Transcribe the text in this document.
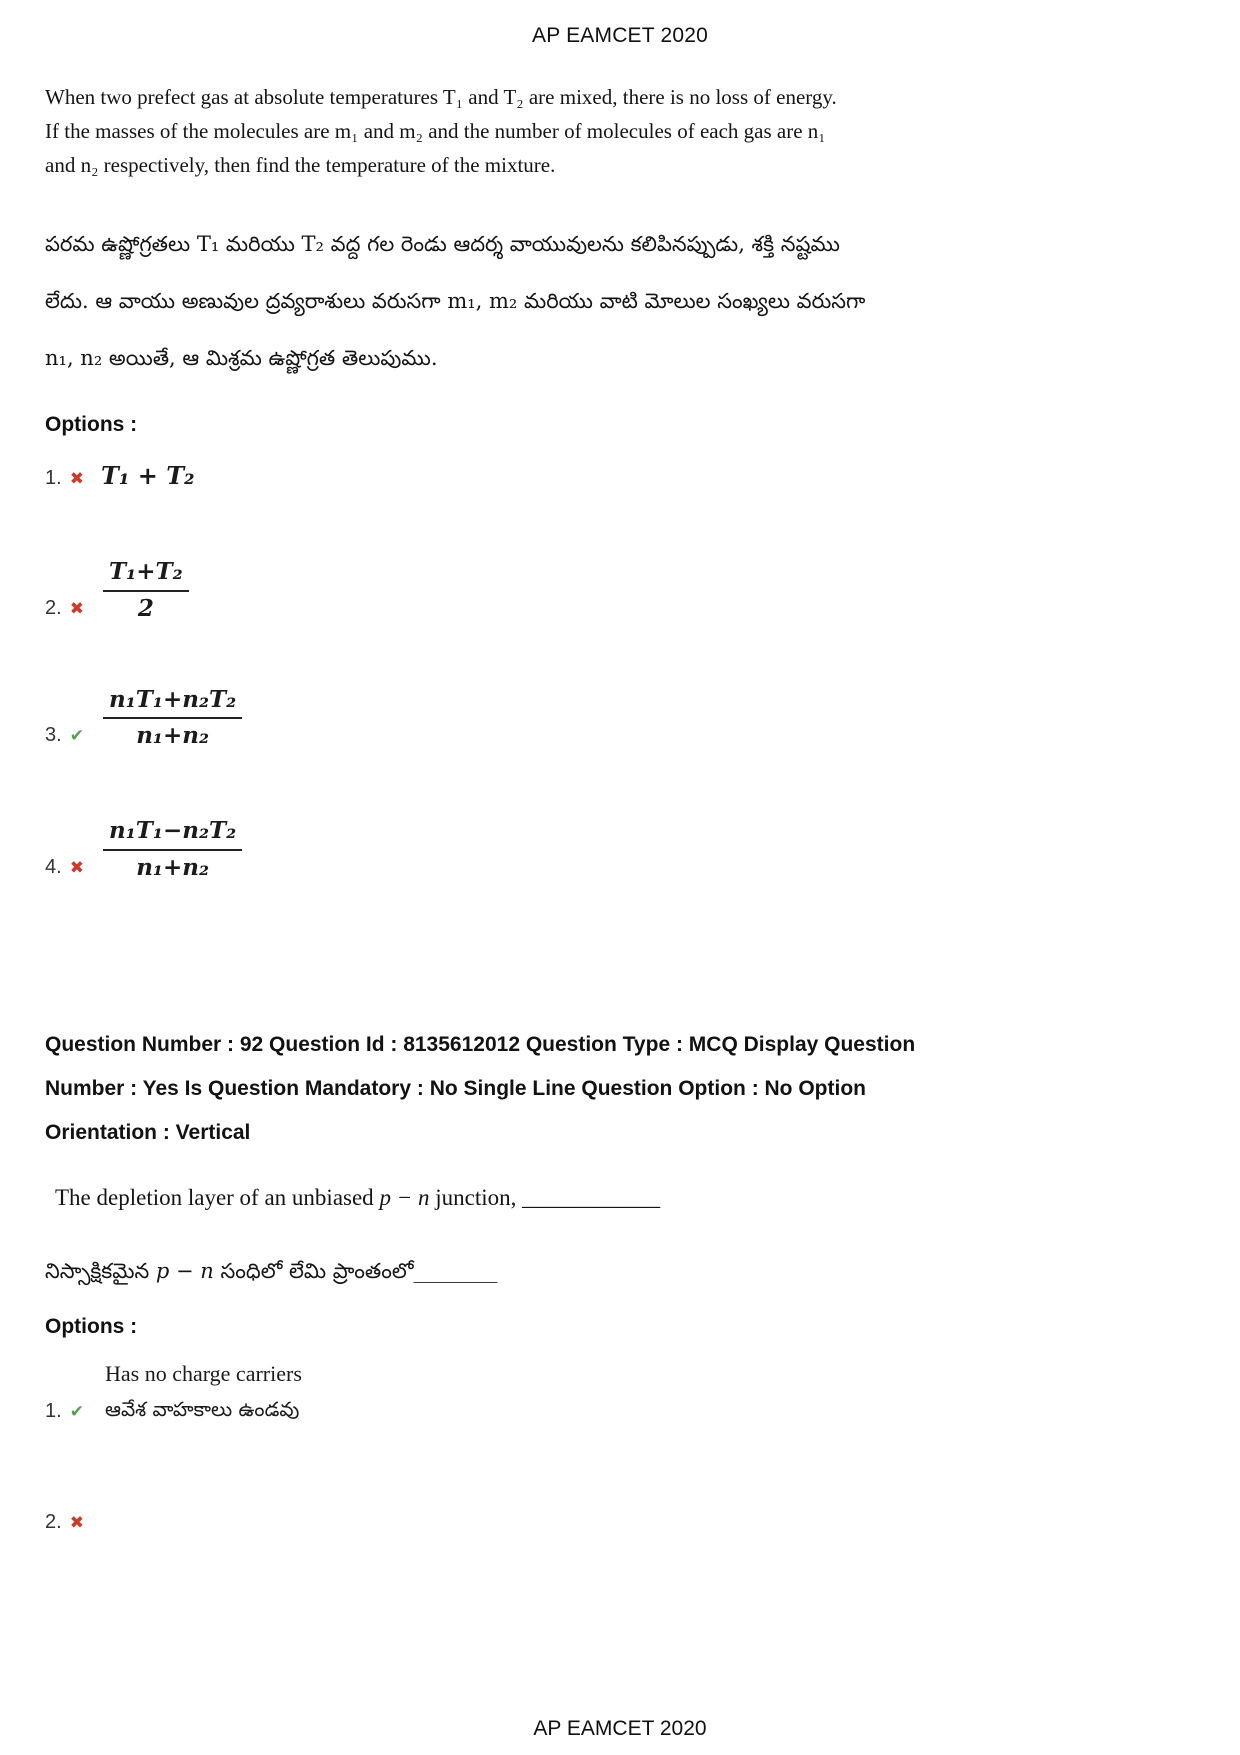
AP EAMCET 2020
When two prefect gas at absolute temperatures T₁ and T₂ are mixed, there is no loss of energy.
If the masses of the molecules are m₁ and m₂ and the number of molecules of each gas are n₁
and n₂ respectively, then find the temperature of the mixture.
పరమ ఉష్ణోగ్రతలు T₁ మరియు T₂ వద్ద గల రెండు ఆదర్శ వాయువులను కలిపినప్పుడు, శక్తి నష్టము
లేదు. ఆ వాయు అణువుల ద్రవ్యరాశులు వరుసగా m₁, m₂ మరియు వాటి మోలుల సంఖ్యలు వరుసగా
n₁, n₂ అయితే, ఆ మిశ్రమ ఉష్ణోగ్రత తెలుపుము.
Options :
1. ✖ T₁ + T₂
2. ✖ $\frac{\text{T₁+T₂}}{2}$
3. ✔ $\frac{\text{n₁T₁+n₂T₂}}{\text{n₁+n₂}}$
4. ✖ $\frac{\text{n₁T₁−n₂T₂}}{\text{n₁+n₂}}$
Question Number : 92 Question Id : 8135612012 Question Type : MCQ Display Question
Number : Yes Is Question Mandatory : No Single Line Question Option : No Option
Orientation : Vertical
The depletion layer of an unbiased p − n junction, ____________
నిస్సాక్షికమైన p − n సంధిలో లేమి ప్రాంతంలో________
Options :
1. ✔
Has no charge carriers
ఆవేశ వాహకాలు ఉండవు
2. ✖
AP EAMCET 2020
